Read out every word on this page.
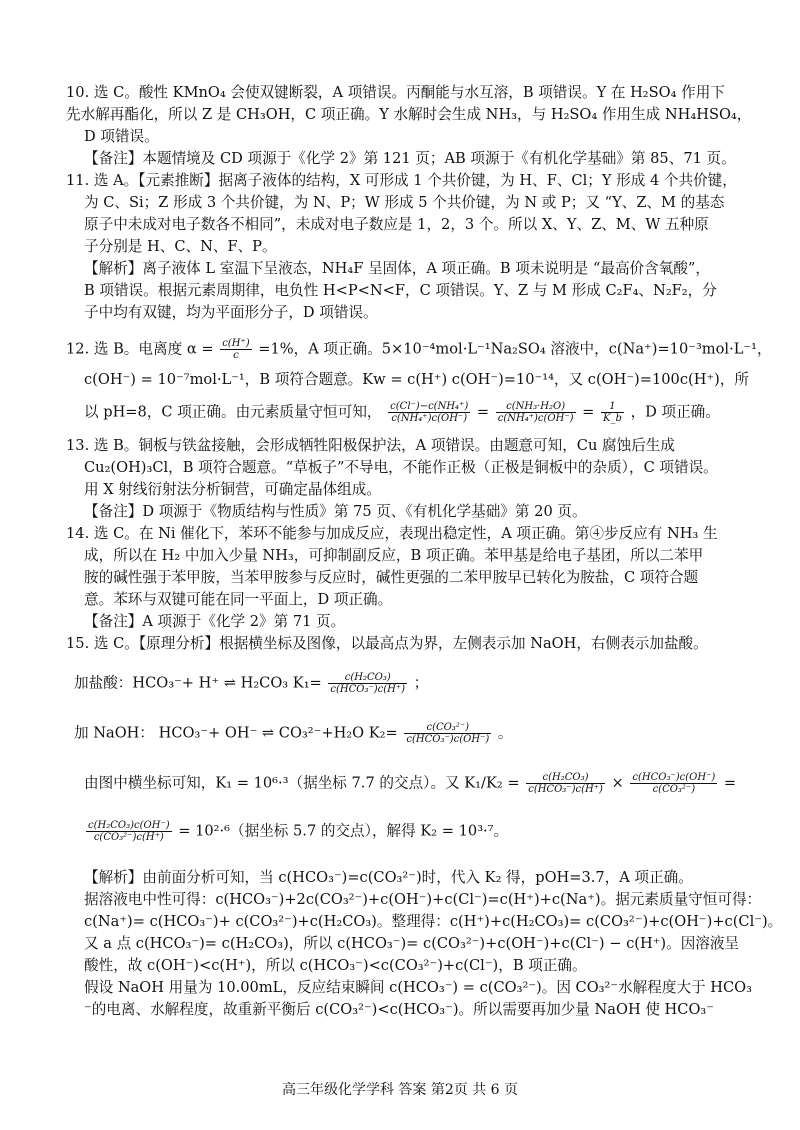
10. 选 C。酸性 KMnO₄ 会使双键断裂，A 项错误。丙酮能与水互溶，B 项错误。Y 在 H₂SO₄ 作用下
先水解再酯化，所以 Z 是 CH₃OH，C 项正确。Y 水解时会生成 NH₃，与 H₂SO₄ 作用生成 NH₄HSO₄，
D 项错误。
【备注】本题情境及 CD 项源于《化学 2》第 121 页；AB 项源于《有机化学基础》第 85、71 页。
11. 选 A。【元素推断】据离子液体的结构，X 可形成 1 个共价键，为 H、F、Cl；Y 形成 4 个共价键，
为 C、Si；Z 形成 3 个共价键，为 N、P；W 形成 5 个共价键，为 N 或 P；又 “Y、Z、M 的基态
原子中未成对电子数各不相同”，未成对电子数应是 1，2，3 个。所以 X、Y、Z、M、W 五种原
子分别是 H、C、N、F、P。
【解析】离子液体 L 室温下呈液态，NH₄F 呈固体，A 项正确。B 项未说明是 “最高价含氧酸”，
B 项错误。根据元素周期律，电负性 H<P<N<F，C 项错误。Y、Z 与 M 形成 C₂F₄、N₂F₂，分
子中均有双键，均为平面形分子，D 项错误。
12. 选 B。电离度 $\alpha = \frac{c(H^+)}{c} =1\%$，A 项正确。5×10⁻⁴mol·L⁻¹Na₂SO₄ 溶液中，c(Na⁺)=10⁻³mol·L⁻¹，
c(OH⁻) = 10⁻⁷mol·L⁻¹，B 项符合题意。Kw = c(H⁺) c(OH⁻)=10⁻¹⁴，又 c(OH⁻)=100c(H⁺)，所
以 pH=8，C 项正确。由元素质量守恒可知， $\frac{\text{c(Cl⁻)−c(NH₄⁺)}}{\text{c(NH₄⁺)c(OH⁻)}} = \frac{\text{c(NH₃·H₂O)}}{\text{c(NH₄⁺)c(OH⁻)}} = \frac{1}{K\_b}$ ，D 项正确。
13. 选 B。铜板与铁盆接触，会形成牺牲阳极保护法，A 项错误。由题意可知，Cu 腐蚀后生成
Cu₂(OH)₃Cl，B 项符合题意。“草板子”不导电，不能作正极（正极是铜板中的杂质），C 项错误。
用 X 射线衍射法分析铜营，可确定晶体组成。
【备注】D 项源于《物质结构与性质》第 75 页、《有机化学基础》第 20 页。
14. 选 C。在 Ni 催化下，苯环不能参与加成反应，表现出稳定性，A 项正确。第④步反应有 NH₃ 生
成，所以在 H₂ 中加入少量 NH₃，可抑制副反应，B 项正确。苯甲基是给电子基团，所以二苯甲
胺的碱性强于苯甲胺，当苯甲胺参与反应时，碱性更强的二苯甲胺早已转化为胺盐，C 项符合题
意。苯环与双键可能在同一平面上，D 项正确。
【备注】A 项源于《化学 2》第 71 页。
15. 选 C。【原理分析】根据横坐标及图像，以最高点为界，左侧表示加 NaOH，右侧表示加盐酸。
加盐酸：HCO₃⁻+ H⁺ ⇌ H₂CO₃ K₁=	c(H₂CO₃)
c(HCO₃⁻)c(H⁺) ；
加 NaOH： HCO₃⁻+ OH⁻ ⇌ CO₃²⁻+H₂O K₂=	c(CO₃²⁻)
c(HCO₃⁻)c(OH⁻) 。
由图中横坐标可知，K₁ = 10⁶·³（据坐标 7.7 的交点）。又 K₁/K₂ =	c(H₂CO₃)
c(HCO₃⁻)c(H⁺) × c(HCO₃⁻)c(OH⁻)
c(CO₃²⁻)	=
$\frac{\text{c(H₂CO₃)c(OH⁻)}}{\text{c(CO₃²⁻)c(H⁺)}} = 10^2\cdot^6$（据坐标 5.7 的交点），解得 K₂ = 10³·⁷。
【解析】由前面分析可知，当 c(HCO₃⁻)=c(CO₃²⁻)时，代入 K₂ 得，pOH=3.7，A 项正确。
据溶液电中性可得：c(HCO₃⁻)+2c(CO₃²⁻)+c(OH⁻)+c(Cl⁻)=c(H⁺)+c(Na⁺)。据元素质量守恒可得：
c(Na⁺)= c(HCO₃⁻)+ c(CO₃²⁻)+c(H₂CO₃)。整理得：c(H⁺)+c(H₂CO₃)= c(CO₃²⁻)+c(OH⁻)+c(Cl⁻)。
又 a 点 c(HCO₃⁻)= c(H₂CO₃)，所以 c(HCO₃⁻)= c(CO₃²⁻)+c(OH⁻)+c(Cl⁻) − c(H⁺)。因溶液呈
酸性，故 c(OH⁻)<c(H⁺)，所以 c(HCO₃⁻)<c(CO₃²⁻)+c(Cl⁻)，B 项正确。
假设 NaOH 用量为 10.00mL，反应结束瞬间 c(HCO₃⁻) = c(CO₃²⁻)。因 CO₃²⁻水解程度大于 HCO₃
⁻的电离、水解程度，故重新平衡后 c(CO₃²⁻)<c(HCO₃⁻)。所以需要再加少量 NaOH 使 HCO₃⁻
高三年级化学学科 答案 第2页 共 6 页
